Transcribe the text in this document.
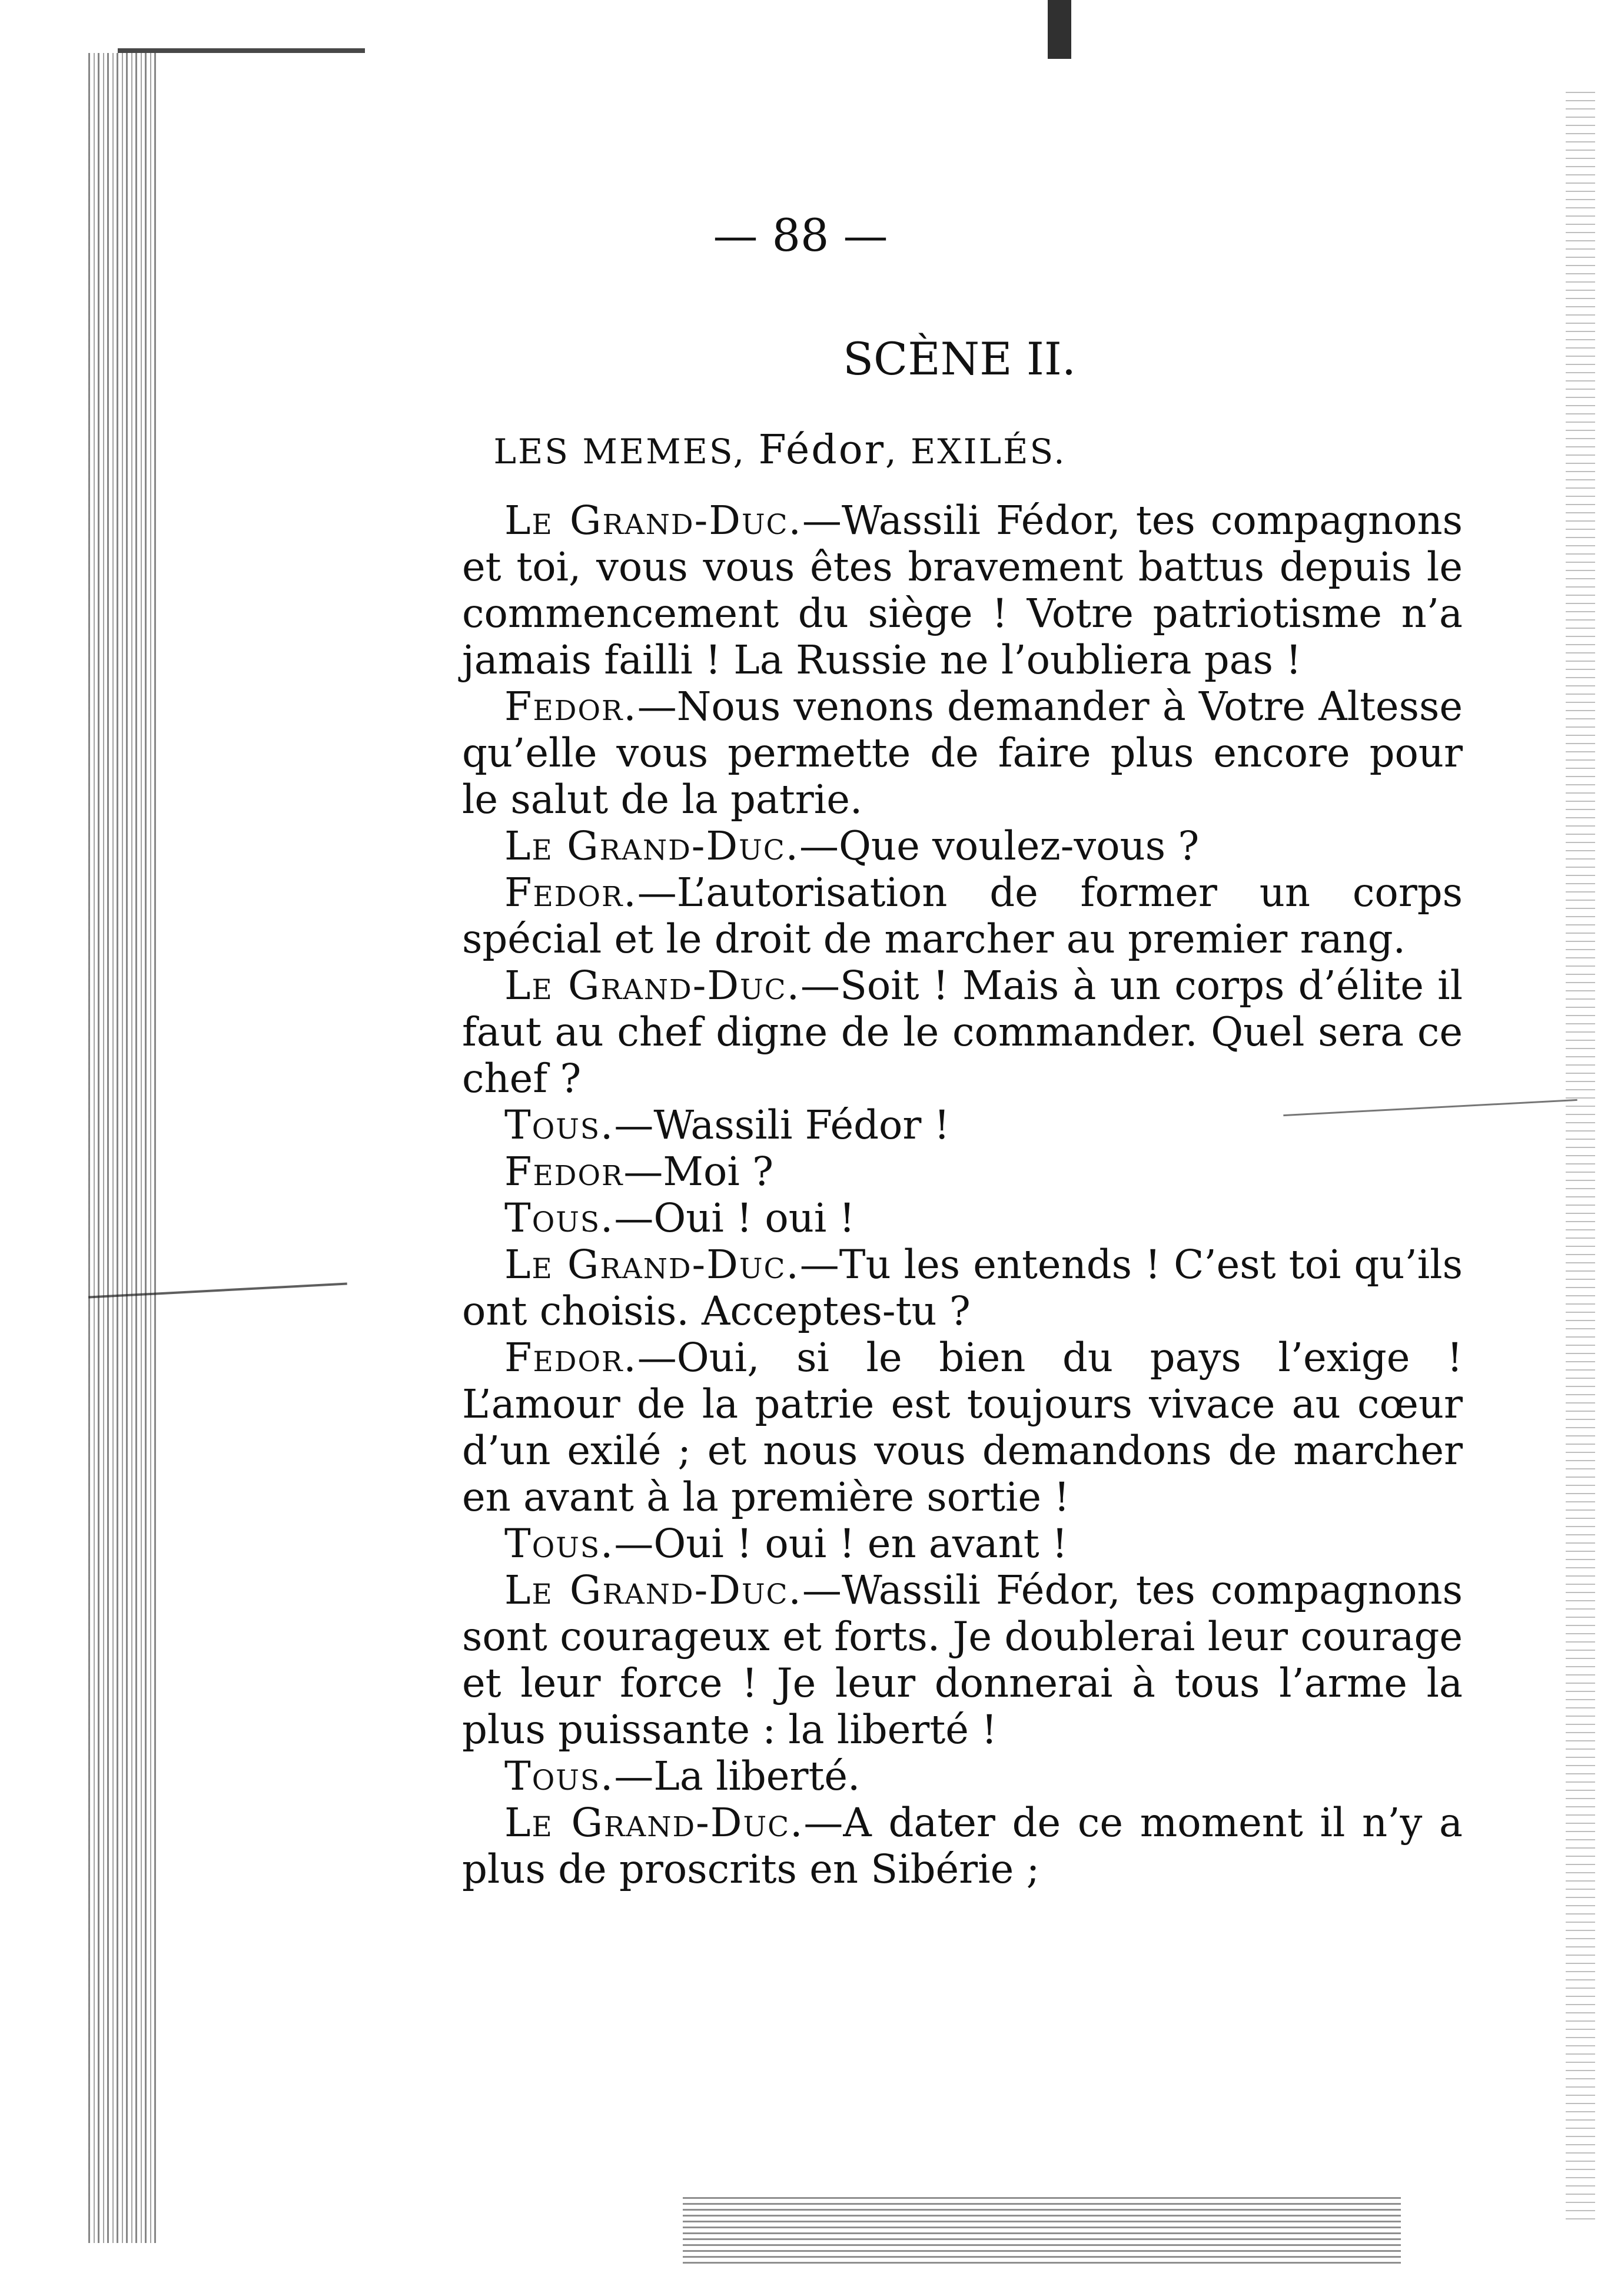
— 88 —
SCÈNE II.
LES MEMES, Fédor, EXILÉS.

Le Grand-Duc.—Wassili Fédor, tes compagnons et toi, vous vous êtes bravement battus depuis le commencement du siège ! Votre patriotisme n’a jamais failli ! La Russie ne l’oubliera pas !

Fedor.—Nous venons demander à Votre Altesse qu’elle vous permette de faire plus encore pour le salut de la patrie.

Le Grand-Duc.—Que voulez-vous ?

Fedor.—L’autorisation de former un corps spécial et le droit de marcher au premier rang.

Le Grand-Duc.—Soit ! Mais à un corps d’élite il faut au chef digne de le commander. Quel sera ce chef ?

Tous.—Wassili Fédor !

Fedor—Moi ?

Tous.—Oui ! oui !

Le Grand-Duc.—Tu les entends ! C’est toi qu’ils ont choisis. Acceptes-tu ?

Fedor.—Oui, si le bien du pays l’exige ! L’amour de la patrie est toujours vivace au cœur d’un exilé ; et nous vous demandons de marcher en avant à la première sortie !

Tous.—Oui ! oui ! en avant !

Le Grand-Duc.—Wassili Fédor, tes compagnons sont courageux et forts. Je doublerai leur courage et leur force ! Je leur donnerai à tous l’arme la plus puissante : la liberté !

Tous.—La liberté.

Le Grand-Duc.—A dater de ce moment il n’y a plus de proscrits en Sibérie ;
